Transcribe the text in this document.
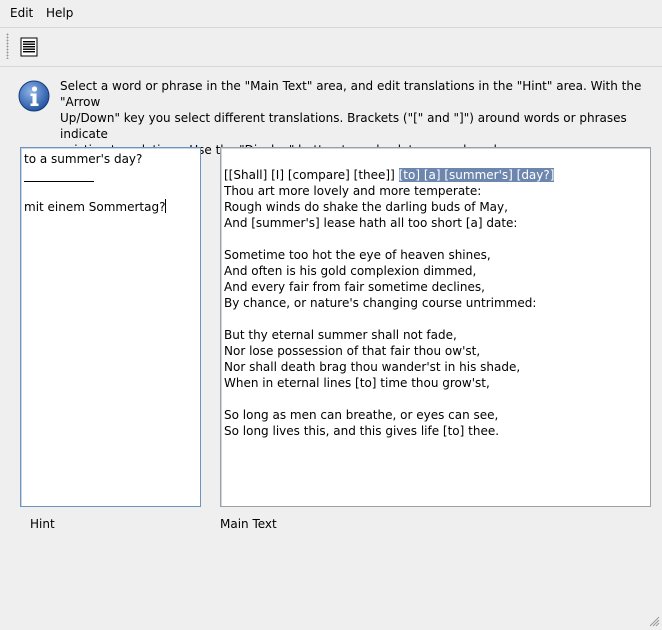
Edit Help
Select a word or phrase in the "Main Text" area, and edit translations in the "Hint" area. With the "Arrow
Up/Down" key you select different translations. Brackets ("[" and "]") around words or phrases indicate
to a summer's day?
mit einem Sommertag?
[[Shall] [I] [compare] [thee]] [to] [a] [summer's] [day?]
Thou art more lovely and more temperate:
Rough winds do shake the darling buds of May,
And [summer's] lease hath all too short [a] date:
Sometime too hot the eye of heaven shines,
And often is his gold complexion dimmed,
And every fair from fair sometime declines,
By chance, or nature's changing course untrimmed:
But thy eternal summer shall not fade,
Nor lose possession of that fair thou ow'st,
Nor shall death brag thou wander'st in his shade,
When in eternal lines [to] time thou grow'st,
So long as men can breathe, or eyes can see,
So long lives this, and this gives life [to] thee.
Hint	Main Text
